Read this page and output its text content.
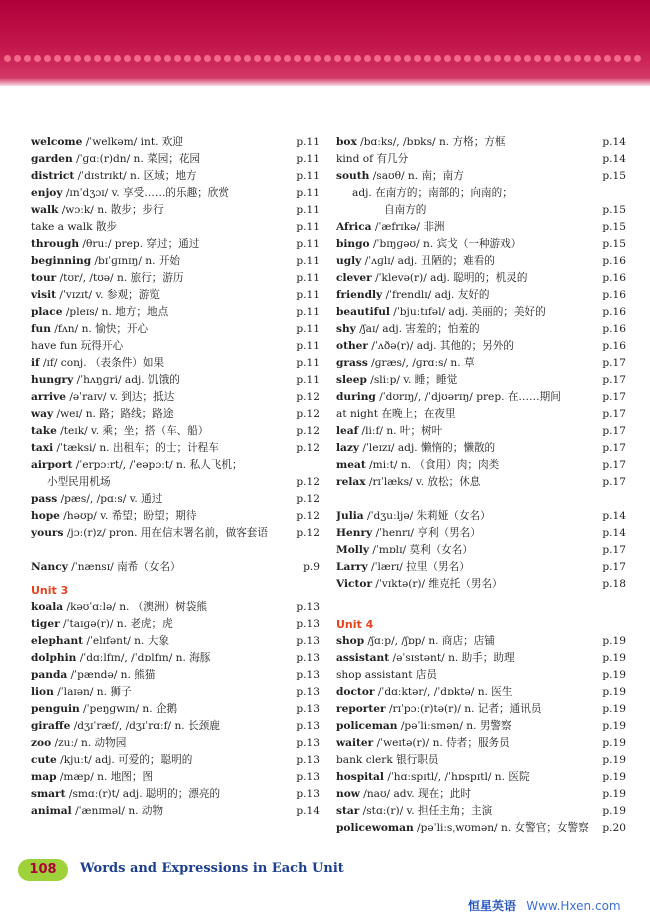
welcome /ˈwelkəm/ int. 欢迎	p.11
garden /ˈɡɑː(r)dn/ n. 菜园；花园	p.11
district /ˈdɪstrɪkt/ n. 区域；地方	p.11
enjoy /ɪnˈdʒɔɪ/ v. 享受……的乐趣；欣赏	p.11
walk /wɔːk/ n. 散步；步行	p.11
take a walk 散步	p.11
through /θruː/ prep. 穿过；通过	p.11
beginning /bɪˈɡɪnɪŋ/ n. 开始	p.11
tour /tʊr/, /tʊə/ n. 旅行；游历	p.11
visit /ˈvɪzɪt/ v. 参观；游览	p.11
place /pleɪs/ n. 地方；地点	p.11
fun /fʌn/ n. 愉快；开心	p.11
have fun 玩得开心	p.11
if /ɪf/ conj. （表条件）如果	p.11
hungry /ˈhʌŋɡri/ adj. 饥饿的	p.11
arrive /əˈraɪv/ v. 到达；抵达	p.12
way /weɪ/ n. 路；路线；路途	p.12
take /teɪk/ v. 乘；坐；搭（车、船）	p.12
taxi /ˈtæksi/ n. 出租车；的士；计程车	p.12
airport /ˈerpɔːrt/, /ˈeəpɔːt/ n. 私人飞机；
小型民用机场	p.12
pass /pæs/, /pɑːs/ v. 通过	p.12
hope /həʊp/ v. 希望；盼望；期待	p.12
yours /jɔː(r)z/ pron. 用在信末署名前，做客套语	p.12
Nancy /ˈnænsɪ/ 南希（女名）	p.9
Unit 3
koala /kəʊˈɑːlə/ n. （澳洲）树袋熊	p.13
tiger /ˈtaɪɡə(r)/ n. 老虎；虎	p.13
elephant /ˈelɪfənt/ n. 大象	p.13
dolphin /ˈdɑːlfɪn/, /ˈdɒlfɪn/ n. 海豚	p.13
panda /ˈpændə/ n. 熊猫	p.13
lion /ˈlaɪən/ n. 狮子	p.13
penguin /ˈpeŋɡwɪn/ n. 企鹅	p.13
giraffe /dʒɪˈræf/, /dʒɪˈrɑːf/ n. 长颈鹿	p.13
zoo /zuː/ n. 动物园	p.13
cute /kjuːt/ adj. 可爱的；聪明的	p.13
map /mæp/ n. 地图；图	p.13
smart /smɑː(r)t/ adj. 聪明的；漂亮的	p.13
animal /ˈænɪməl/ n. 动物	p.14
box /bɑːks/, /bɒks/ n. 方格；方框	p.14
kind of 有几分	p.14
south /saʊθ/ n. 南；南方	p.15
adj. 在南方的；南部的；向南的；
自南方的	p.15
Africa /ˈæfrɪkə/ 非洲	p.15
bingo /ˈbɪŋɡəʊ/ n. 宾戈（一种游戏）	p.15
ugly /ˈʌɡlɪ/ adj. 丑陋的；难看的	p.16
clever /ˈklevə(r)/ adj. 聪明的；机灵的	p.16
friendly /ˈfrendlɪ/ adj. 友好的	p.16
beautiful /ˈbjuːtɪfəl/ adj. 美丽的；美好的	p.16
shy /ʃaɪ/ adj. 害羞的；怕羞的	p.16
other /ˈʌðə(r)/ adj. 其他的；另外的	p.16
grass /ɡræs/, /ɡrɑːs/ n. 草	p.17
sleep /sliːp/ v. 睡；睡觉	p.17
during /ˈdʊrɪŋ/, /ˈdjʊərɪŋ/ prep. 在……期间	p.17
at night 在晚上；在夜里	p.17
leaf /liːf/ n. 叶；树叶	p.17
lazy /ˈleɪzɪ/ adj. 懒惰的；懒散的	p.17
meat /miːt/ n. （食用）肉；肉类	p.17
relax /rɪˈlæks/ v. 放松；休息	p.17
Julia /ˈdʒuːljə/ 朱莉娅（女名）	p.14
Henry /ˈhenrɪ/ 亨利（男名）	p.14
Molly /ˈmɒlɪ/ 莫利（女名）	p.17
Larry /ˈlærɪ/ 拉里（男名）	p.17
Victor /ˈvɪktə(r)/ 维克托（男名）	p.18
Unit 4
shop /ʃɑːp/, /ʃɒp/ n. 商店；店铺	p.19
assistant /əˈsɪstənt/ n. 助手；助理	p.19
shop assistant 店员	p.19
doctor /ˈdɑːktər/, /ˈdɒktə/ n. 医生	p.19
reporter /rɪˈpɔː(r)tə(r)/ n. 记者；通讯员	p.19
policeman /pəˈliːsmən/ n. 男警察	p.19
waiter /ˈweɪtə(r)/ n. 侍者；服务员	p.19
bank clerk 银行职员	p.19
hospital /ˈhɑːspɪtl/, /ˈhɒspɪtl/ n. 医院	p.19
now /naʊ/ adv. 现在；此时	p.19
star /stɑː(r)/ v. 担任主角；主演	p.19
policewoman /pəˈliːsˌwʊmən/ n. 女警官；女警察	p.20
108	Words and Expressions in Each Unit
恒星英语 Www.Hxen.com
